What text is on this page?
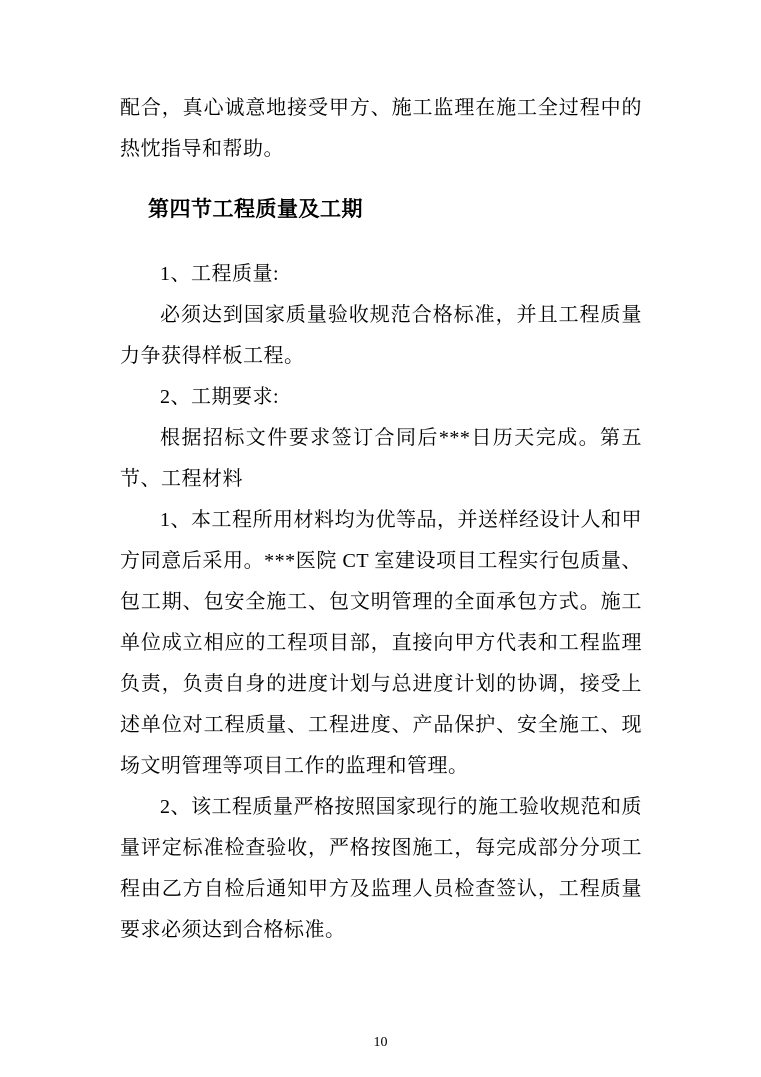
配合，真心诚意地接受甲方、施工监理在施工全过程中的热忱指导和帮助。

第四节工程质量及工期

1、工程质量:

必须达到国家质量验收规范合格标准，并且工程质量力争获得样板工程。

2、工期要求:

根据招标文件要求签订合同后***日历天完成。第五节、工程材料

1、本工程所用材料均为优等品，并送样经设计人和甲方同意后采用。***医院 CT 室建设项目工程实行包质量、包工期、包安全施工、包文明管理的全面承包方式。施工单位成立相应的工程项目部，直接向甲方代表和工程监理负责，负责自身的进度计划与总进度计划的协调，接受上述单位对工程质量、工程进度、产品保护、安全施工、现场文明管理等项目工作的监理和管理。

2、该工程质量严格按照国家现行的施工验收规范和质量评定标准检查验收，严格按图施工，每完成部分分项工程由乙方自检后通知甲方及监理人员检查签认，工程质量要求必须达到合格标准。

10
